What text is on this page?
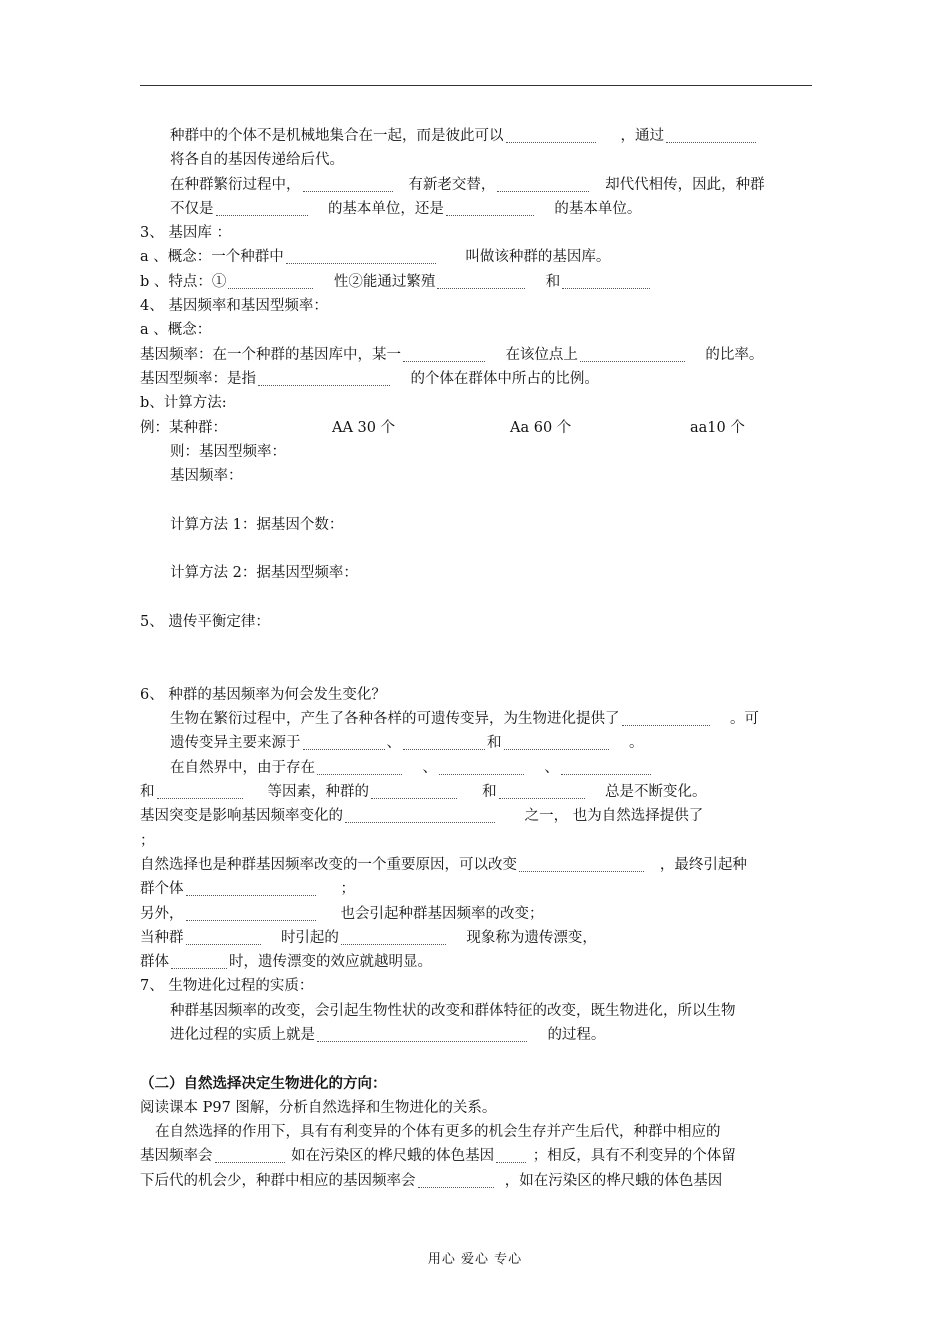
种群中的个体不是机械地集合在一起，而是彼此可以	，通过
将各自的基因传递给后代。
在种群繁衍过程中，	有新老交替，	却代代相传，因此，种群
不仅是	的基本单位，还是	的基本单位。
3、 基因库 ：
a 、概念：一个种群中	叫做该种群的基因库。
b 、特点：①	性②能通过繁殖	和
4、 基因频率和基因型频率：
a 、概念：
基因频率：在一个种群的基因库中，某一	在该位点上	的比率。
基因型频率：是指	的个体在群体中所占的比例。
b、计算方法:
例：某种群：	AA 30 个	Aa 60 个	aa10 个
则：基因型频率：
基因频率：
计算方法 1：据基因个数：
计算方法 2：据基因型频率：
5、 遗传平衡定律：
6、 种群的基因频率为何会发生变化？
生物在繁衍过程中，产生了各种各样的可遗传变异，为生物进化提供了	。可
遗传变异主要来源于	、	和	。
在自然界中，由于存在	、	、
和	等因素，种群的	和	总是不断变化。
基因突变是影响基因频率变化的	之一， 也为自然选择提供了
；
自然选择也是种群基因频率改变的一个重要原因，可以改变	，最终引起种
群个体	；
另外，	也会引起种群基因频率的改变；
当种群	时引起的	现象称为遗传漂变，
群体	时，遗传漂变的效应就越明显。
7、 生物进化过程的实质：
种群基因频率的改变，会引起生物性状的改变和群体特征的改变，既生物进化，所以生物
进化过程的实质上就是	的过程。
（二）自然选择决定生物进化的方向：
阅读课本 P97 图解，分析自然选择和生物进化的关系。
在自然选择的作用下，具有有利变异的个体有更多的机会生存并产生后代，种群中相应的
基因频率会	如在污染区的桦尺蛾的体色基因	；相反，具有不利变异的个体留
下后代的机会少，种群中相应的基因频率会	，如在污染区的桦尺蛾的体色基因
用心 爱心 专心
